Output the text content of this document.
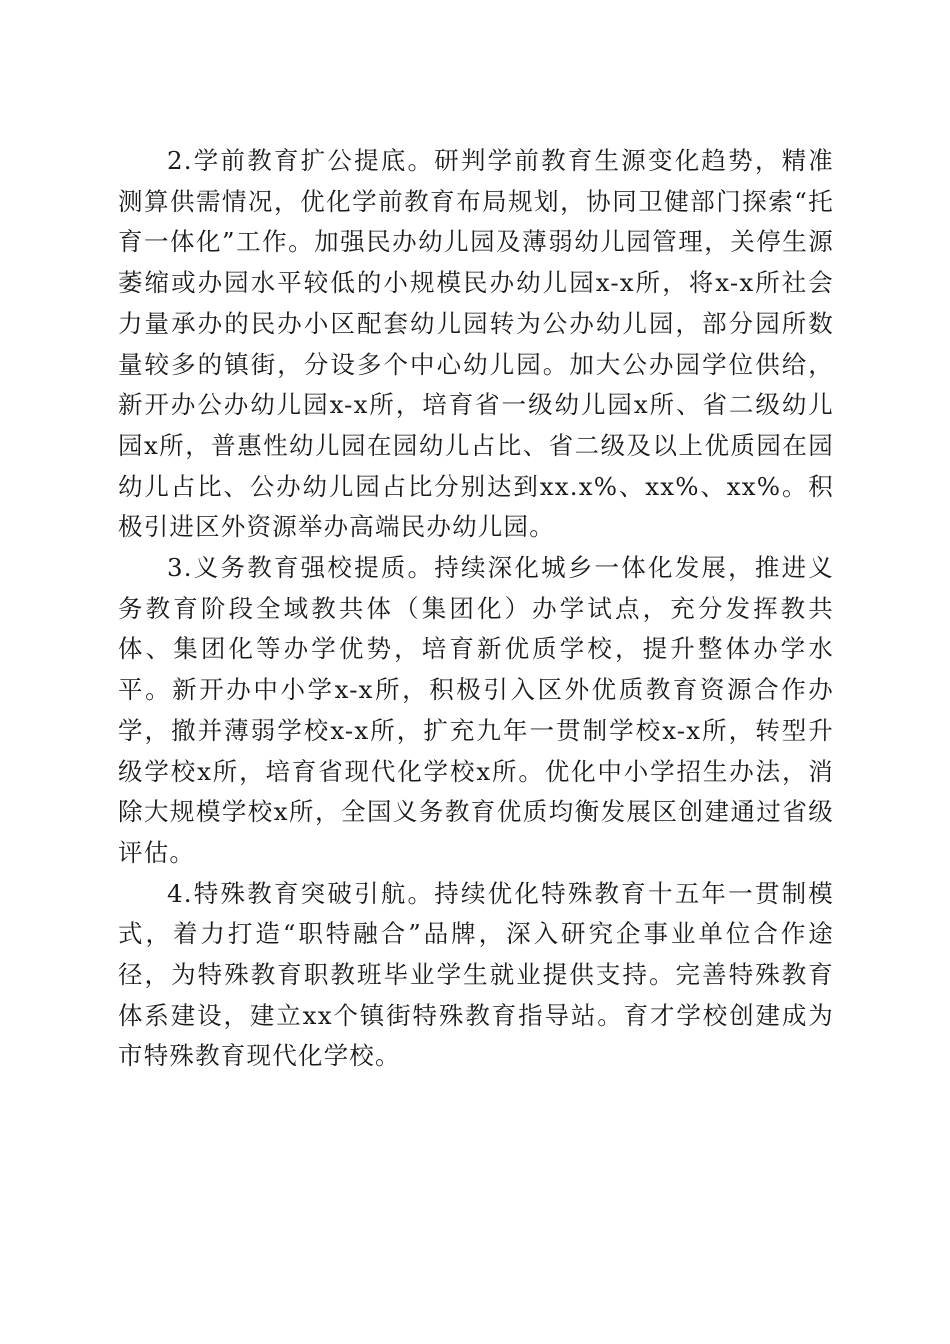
2.学前教育扩公提底。研判学前教育生源变化趋势，精准测算供需情况，优化学前教育布局规划，协同卫健部门探索“托育一体化”工作。加强民办幼儿园及薄弱幼儿园管理，关停生源萎缩或办园水平较低的小规模民办幼儿园x-x所，将x-x所社会力量承办的民办小区配套幼儿园转为公办幼儿园，部分园所数量较多的镇街，分设多个中心幼儿园。加大公办园学位供给，新开办公办幼儿园x-x所，培育省一级幼儿园x所、省二级幼儿园x所，普惠性幼儿园在园幼儿占比、省二级及以上优质园在园幼儿占比、公办幼儿园占比分别达到xx.x%、xx%、xx%。积极引进区外资源举办高端民办幼儿园。

3.义务教育强校提质。持续深化城乡一体化发展，推进义务教育阶段全域教共体（集团化）办学试点，充分发挥教共体、集团化等办学优势，培育新优质学校，提升整体办学水平。新开办中小学x-x所，积极引入区外优质教育资源合作办学，撤并薄弱学校x-x所，扩充九年一贯制学校x-x所，转型升级学校x所，培育省现代化学校x所。优化中小学招生办法，消除大规模学校x所，全国义务教育优质均衡发展区创建通过省级评估。

4.特殊教育突破引航。持续优化特殊教育十五年一贯制模式，着力打造“职特融合”品牌，深入研究企事业单位合作途径，为特殊教育职教班毕业学生就业提供支持。完善特殊教育体系建设，建立xx个镇街特殊教育指导站。育才学校创建成为市特殊教育现代化学校。
